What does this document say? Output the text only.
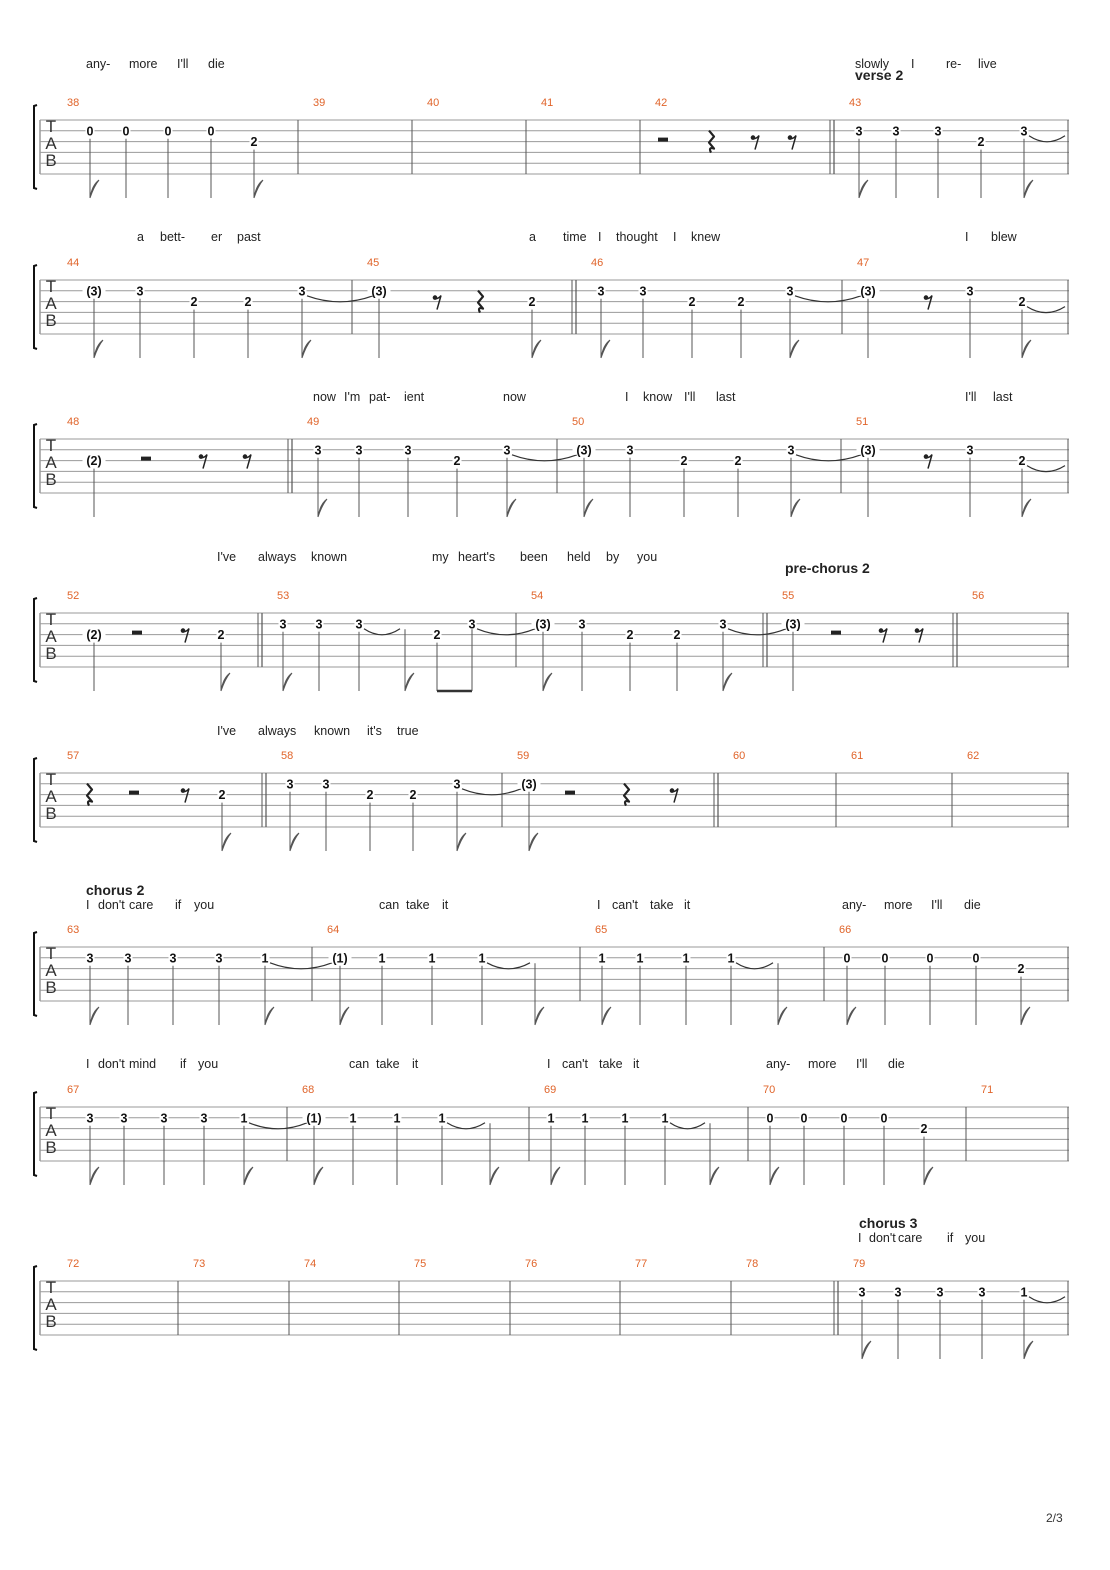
T
A
B
38
0 0	0	0
2
39	40	41	42	43
3 3	3
2
3
T
A
B
44
(3)	3
2	2
3
45
(3)
2
46
3	3
2	2
3
47
(3)	3
2
T
A
B
48
(2)
49
3	3	3
2
3
50
(3)	3
2	2
3
51
(3)	3
2
T
A
B
52
(2)	2
53
3 3	3
2
3
54
(3) 3
2	2
3
55
(3)
56
T
A
B
57
2
58
3 3
2	2
3
59
(3)
60	61	62
T
A
B
63
3 3	3	3	1
64
(1) 1	1	1
65
1 1	1	1
66
0 0	0	0
2
T
A
B
67
3 3	3	3	1
68
(1) 1	1	1
69
1 1	1	1
70
0 0	0	0
2
71
T
A
B
72	73	74	75	76	77	78	79
3 3	3	3	1
verse 2
pre-chorus 2
chorus 2
chorus 3
any- more I'll die	slowly I	re- live
a bett- er past	a time I thought I knew	I blew
now I'm pat- ient	now	I know I'll last	I'll last
I've always known	my heart's been held by you
I've always known it's true
I don't care if you	can take it	I can't take it	any- more I'll die
I don't mind if you	can take it	I can't take it	any- more I'll die
I don't care if you
2/3
